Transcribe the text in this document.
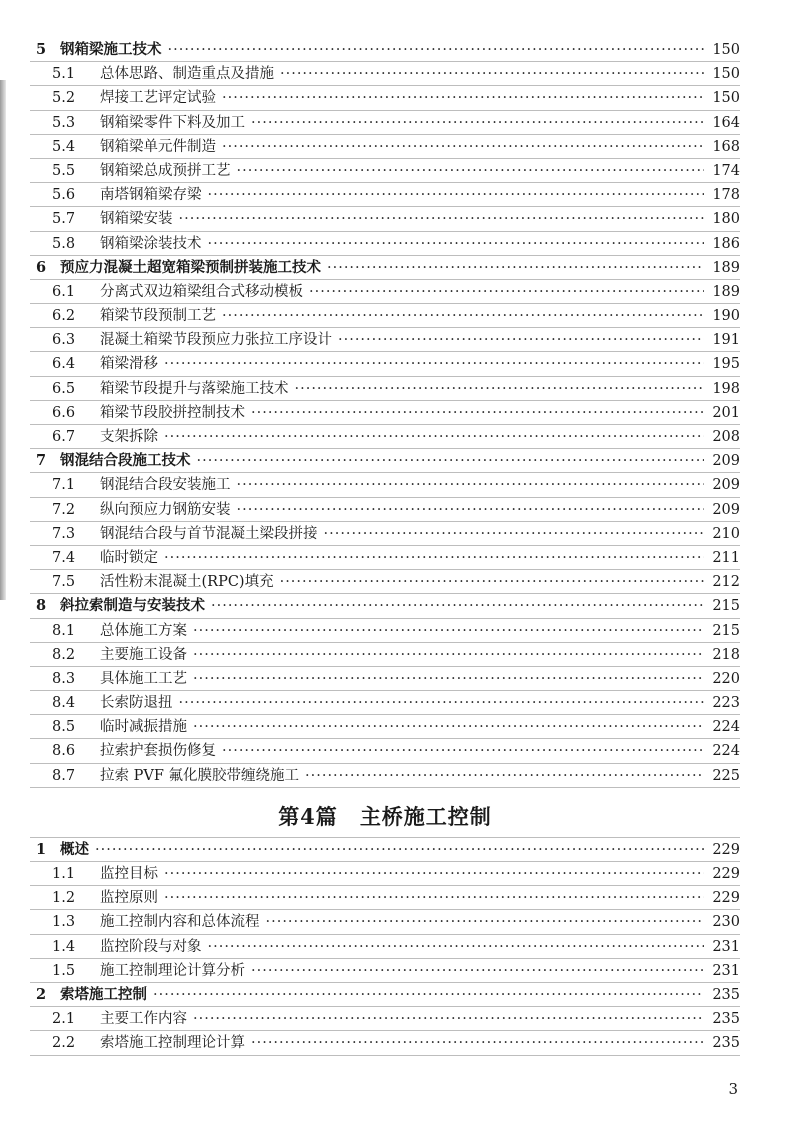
5 钢箱梁施工技术 ·····	150
5.1	总体思路、制造重点及措施 ·····	150
5.2	焊接工艺评定试验 ·····	150
5.3	钢箱梁零件下料及加工 ·····	164
5.4	钢箱梁单元件制造 ·····	168
5.5	钢箱梁总成预拼工艺 ·····	174
5.6	南塔钢箱梁存梁 ·····	178
5.7	钢箱梁安装 ·····	180
5.8	钢箱梁涂装技术 ·····	186
6 预应力混凝土超宽箱梁预制拼装施工技术 ·····	189
6.1	分离式双边箱梁组合式移动模板 ·····	189
6.2	箱梁节段预制工艺 ·····	190
6.3	混凝土箱梁节段预应力张拉工序设计 ·····	191
6.4	箱梁滑移 ·····	195
6.5	箱梁节段提升与落梁施工技术 ·····	198
6.6	箱梁节段胶拼控制技术 ·····	201
6.7	支架拆除 ·····	208
7 钢混结合段施工技术 ·····	209
7.1	钢混结合段安装施工 ·····	209
7.2	纵向预应力钢筋安装 ·····	209
7.3	钢混结合段与首节混凝土梁段拼接 ·····	210
7.4	临时锁定 ·····	211
7.5	活性粉末混凝土(RPC)填充 ·····	212
8 斜拉索制造与安装技术 ·····	215
8.1	总体施工方案 ·····	215
8.2	主要施工设备 ·····	218
8.3	具体施工工艺 ·····	220
8.4	长索防退扭 ·····	223
8.5	临时减振措施 ·····	224
8.6	拉索护套损伤修复 ·····	224
8.7	拉索 PVF 氟化膜胶带缠绕施工 ·····	225
第4篇 主桥施工控制
1 概述 ·····	229
1.1	监控目标 ·····	229
1.2	监控原则 ·····	229
1.3	施工控制内容和总体流程 ·····	230
1.4	监控阶段与对象 ·····	231
1.5	施工控制理论计算分析 ·····	231
2 索塔施工控制 ·····	235
2.1	主要工作内容 ·····	235
2.2	索塔施工控制理论计算 ·····	235
3
